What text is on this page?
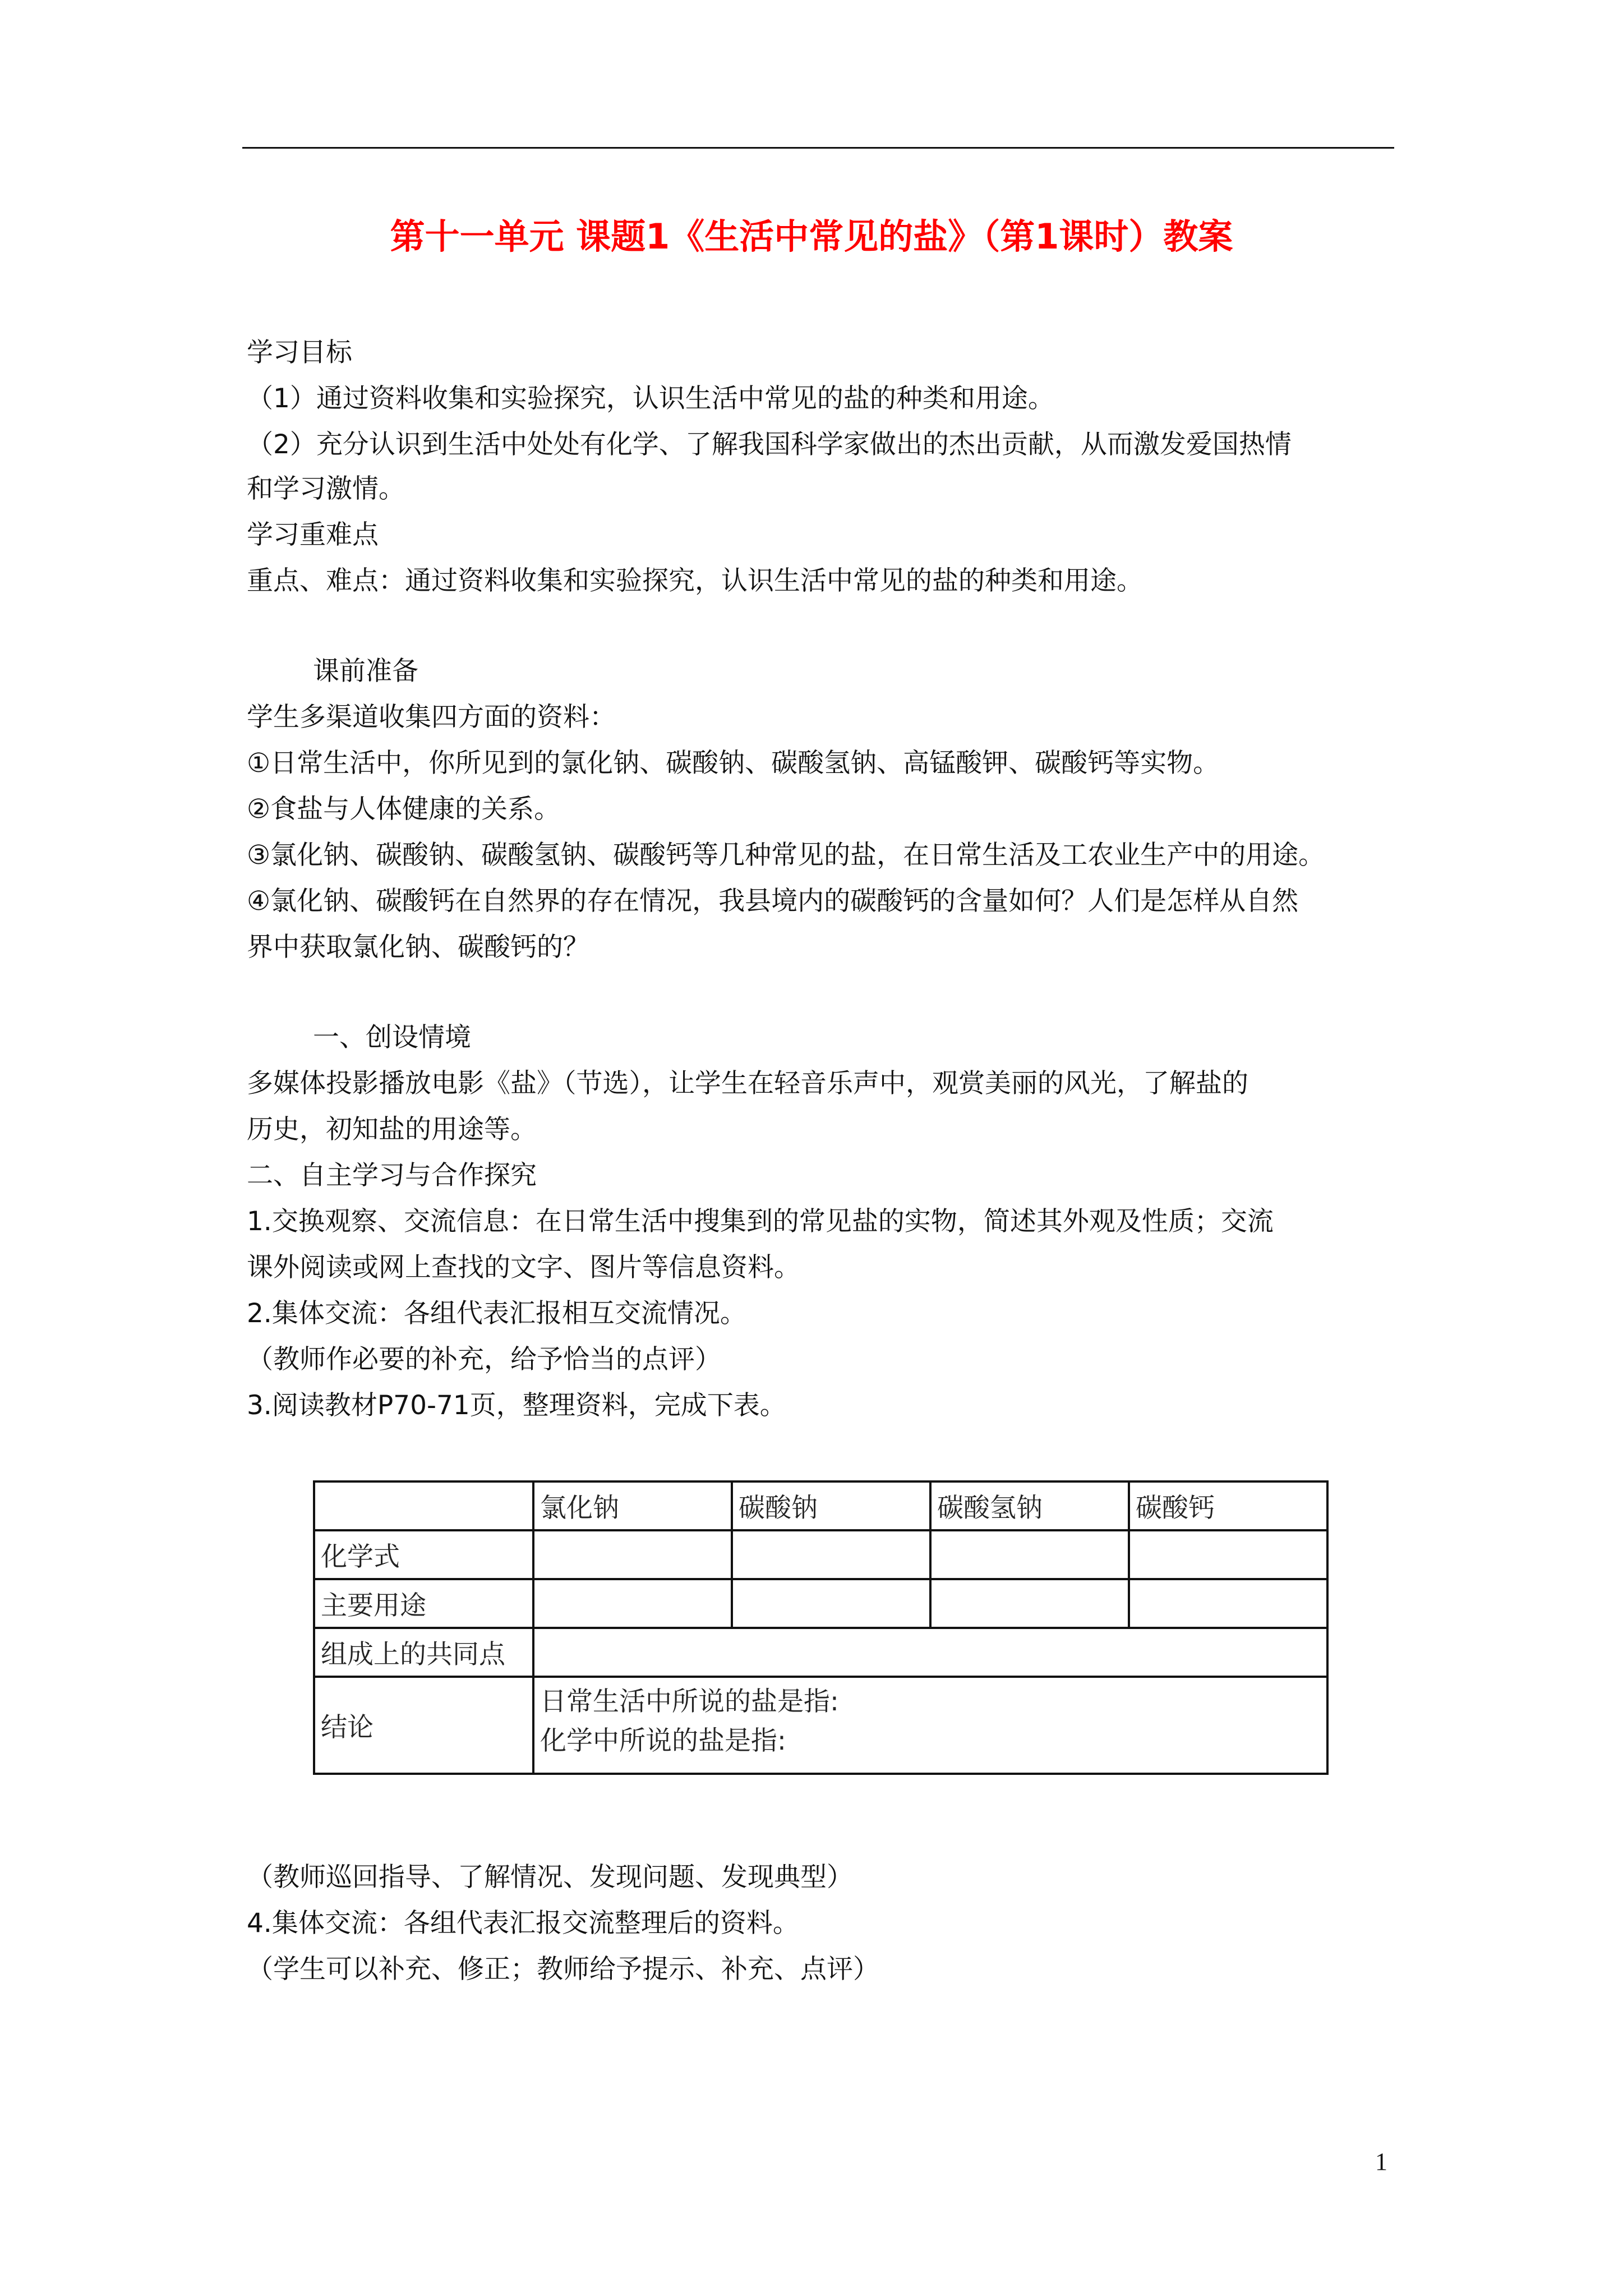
第十一单元 课题1《生活中常见的盐》（第1课时）教案
学习目标
（1）通过资料收集和实验探究，认识生活中常见的盐的种类和用途。
（2）充分认识到生活中处处有化学、了解我国科学家做出的杰出贡献，从而激发爱国热情
和学习激情。
学习重难点
重点、难点：通过资料收集和实验探究，认识生活中常见的盐的种类和用途。
课前准备
学生多渠道收集四方面的资料：
①日常生活中，你所见到的氯化钠、碳酸钠、碳酸氢钠、高锰酸钾、碳酸钙等实物。
②食盐与人体健康的关系。
③氯化钠、碳酸钠、碳酸氢钠、碳酸钙等几种常见的盐，在日常生活及工农业生产中的用途。
④氯化钠、碳酸钙在自然界的存在情况，我县境内的碳酸钙的含量如何？人们是怎样从自然
界中获取氯化钠、碳酸钙的？
一、创设情境
多媒体投影播放电影《盐》（节选），让学生在轻音乐声中，观赏美丽的风光，了解盐的
历史，初知盐的用途等。
二、自主学习与合作探究
1.交换观察、交流信息：在日常生活中搜集到的常见盐的实物，简述其外观及性质；交流
课外阅读或网上查找的文字、图片等信息资料。
2.集体交流：各组代表汇报相互交流情况。
（教师作必要的补充，给予恰当的点评）
3.阅读教材P70-71页，整理资料，完成下表。
	氯化钠	碳酸钠	碳酸氢钠	碳酸钙
化学式				
主要用途				
组成上的共同点				
结论	日常生活中所说的盐是指:
化学中所说的盐是指:			
（教师巡回指导、了解情况、发现问题、发现典型）
4.集体交流：各组代表汇报交流整理后的资料。
（学生可以补充、修正；教师给予提示、补充、点评）
1
